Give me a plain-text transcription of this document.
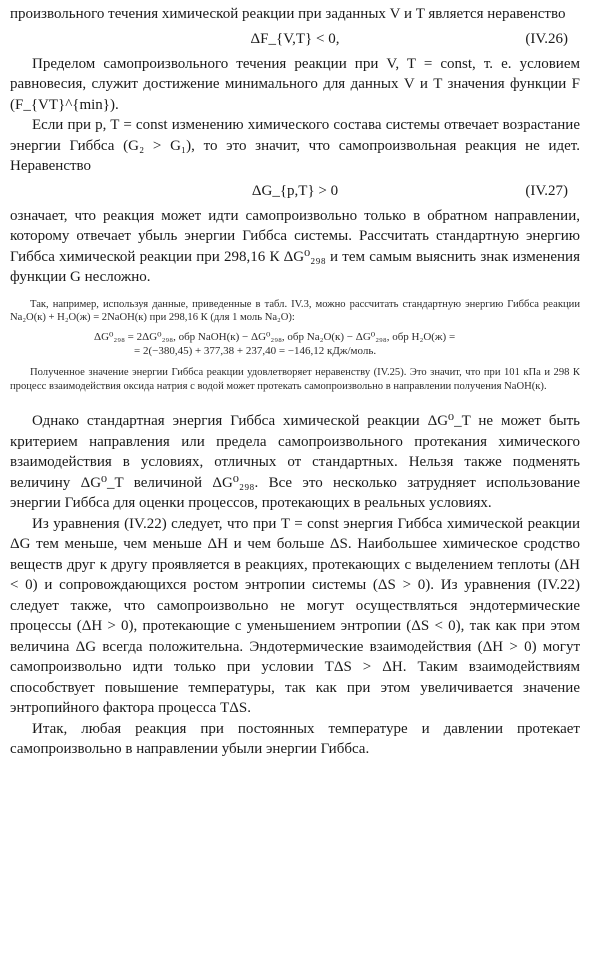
произвольного течения химической реакции при заданных V и T является неравенство

ΔF_{V,T} < 0,	(IV.26)

Пределом самопроизвольного течения реакции при V, T = const, т. е. условием равновесия, служит достижение минимального для данных V и T значения функции F (F_{VT}^{min}).

Если при p, T = const изменению химического состава системы отвечает возрастание энергии Гиббса (G₂ > G₁), то это значит, что самопроизвольная реакция не идет. Неравенство

ΔG_{p,T} > 0	(IV.27)

означает, что реакция может идти самопроизвольно только в обратном направлении, которому отвечает убыль энергии Гиббса системы. Рассчитать стандартную энергию Гиббса химической реакции при 298,16 К ΔG⁰₂₉₈ и тем самым выяснить знак изменения функции G несложно.

Так, например, используя данные, приведенные в табл. IV.3, можно рассчитать стандартную энергию Гиббса реакции Na₂O(к) + H₂O(ж) = 2NaOH(к) при 298,16 К (для 1 моль Na₂O):

ΔG⁰₂₉₈ = 2ΔG⁰₂₉₈, обр NaOH(к) − ΔG⁰₂₉₈, обр Na₂O(к) − ΔG⁰₂₉₈, обр H₂O(ж) =
= 2(−380,45) + 377,38 + 237,40 = −146,12 кДж/моль.

Полученное значение энергии Гиббса реакции удовлетворяет неравенству (IV.25). Это значит, что при 101 кПа и 298 К процесс взаимодействия оксида натрия с водой может протекать самопроизвольно в направлении получения NaOH(к).

Однако стандартная энергия Гиббса химической реакции ΔG⁰_T не может быть критерием направления или предела самопроизвольного протекания химического взаимодействия в условиях, отличных от стандартных. Нельзя также подменять величину ΔG⁰_T величиной ΔG⁰₂₉₈. Все это несколько затрудняет использование энергии Гиббса для оценки процессов, протекающих в реальных условиях.

Из уравнения (IV.22) следует, что при T = const энергия Гиббса химической реакции ΔG тем меньше, чем меньше ΔH и чем больше ΔS. Наибольшее химическое сродство веществ друг к другу проявляется в реакциях, протекающих с выделением теплоты (ΔH < 0) и сопровождающихся ростом энтропии системы (ΔS > 0). Из уравнения (IV.22) следует также, что самопроизвольно не могут осуществляться эндотермические процессы (ΔH > 0), протекающие с уменьшением энтропии (ΔS < 0), так как при этом величина ΔG всегда положительна. Эндотермические взаимодействия (ΔH > 0) могут самопроизвольно идти только при условии TΔS > ΔH. Таким взаимодействиям способствует повышение температуры, так как при этом увеличивается значение энтропийного фактора процесса TΔS.

Итак, любая реакция при постоянных температуре и давлении протекает самопроизвольно в направлении убыли энергии Гиббса.
